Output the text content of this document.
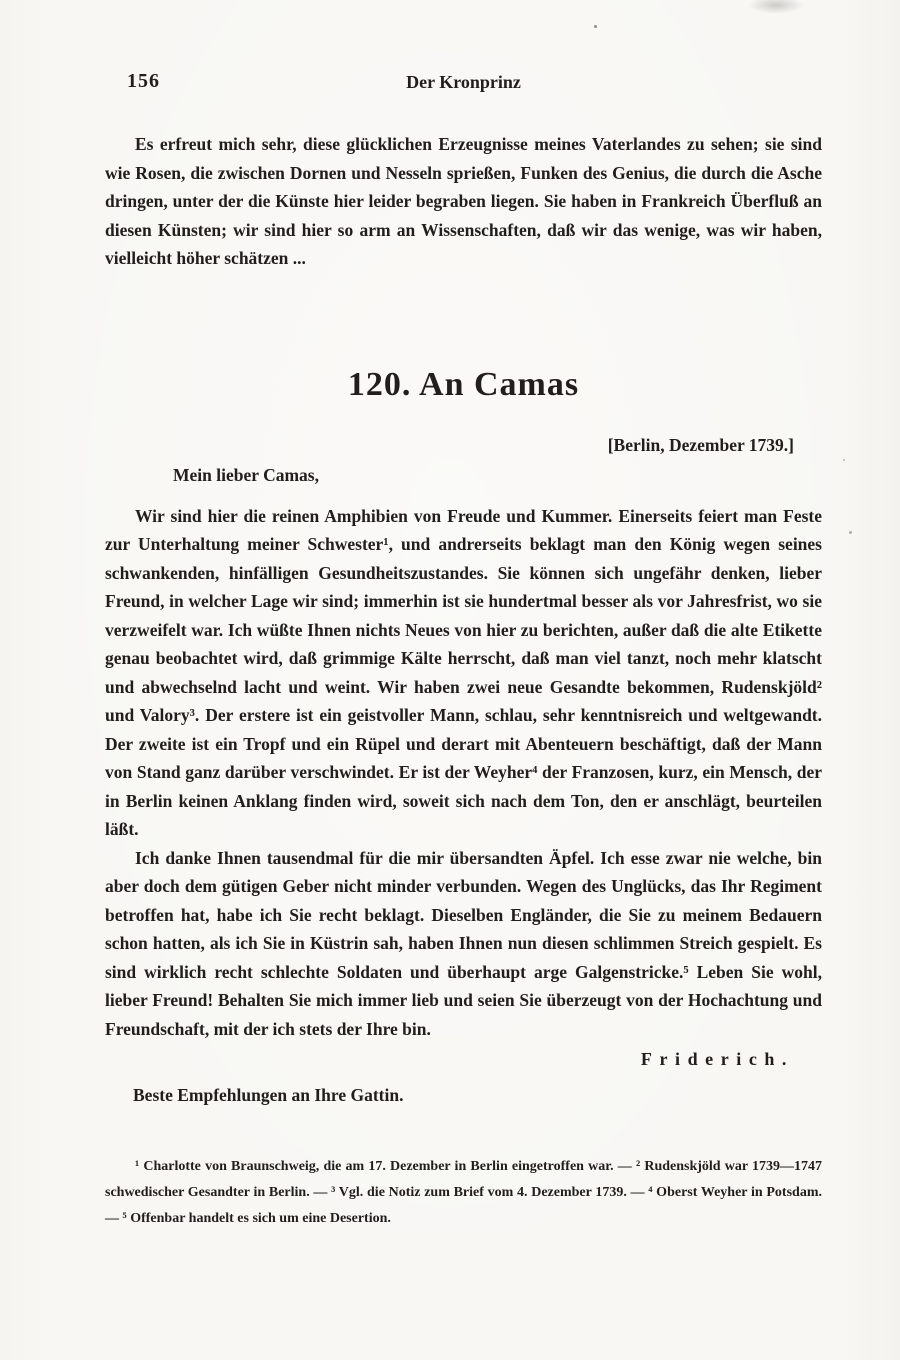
156	Der Kronprinz

Es erfreut mich sehr, diese glücklichen Erzeugnisse meines Vaterlandes zu sehen; sie sind wie Rosen, die zwischen Dornen und Nesseln sprießen, Funken des Genius, die durch die Asche dringen, unter der die Künste hier leider begraben liegen. Sie haben in Frankreich Überfluß an diesen Künsten; wir sind hier so arm an Wissenschaften, daß wir das wenige, was wir haben, vielleicht höher schätzen ...

120. An Camas
[Berlin, Dezember 1739.]
Mein lieber Camas,

Wir sind hier die reinen Amphibien von Freude und Kummer. Einerseits feiert man Feste zur Unterhaltung meiner Schwester¹, und andrerseits beklagt man den König wegen seines schwankenden, hinfälligen Gesundheitszustandes. Sie können sich ungefähr denken, lieber Freund, in welcher Lage wir sind; immerhin ist sie hundertmal besser als vor Jahresfrist, wo sie verzweifelt war. Ich wüßte Ihnen nichts Neues von hier zu berichten, außer daß die alte Etikette genau beobachtet wird, daß grimmige Kälte herrscht, daß man viel tanzt, noch mehr klatscht und abwechselnd lacht und weint. Wir haben zwei neue Gesandte bekommen, Rudenskjöld² und Valory³. Der erstere ist ein geistvoller Mann, schlau, sehr kenntnisreich und weltgewandt. Der zweite ist ein Tropf und ein Rüpel und derart mit Abenteuern beschäftigt, daß der Mann von Stand ganz darüber verschwindet. Er ist der Weyher⁴ der Franzosen, kurz, ein Mensch, der in Berlin keinen Anklang finden wird, soweit sich nach dem Ton, den er anschlägt, beurteilen läßt.

Ich danke Ihnen tausendmal für die mir übersandten Äpfel. Ich esse zwar nie welche, bin aber doch dem gütigen Geber nicht minder verbunden. Wegen des Unglücks, das Ihr Regiment betroffen hat, habe ich Sie recht beklagt. Dieselben Engländer, die Sie zu meinem Bedauern schon hatten, als ich Sie in Küstrin sah, haben Ihnen nun diesen schlimmen Streich gespielt. Es sind wirklich recht schlechte Soldaten und überhaupt arge Galgenstricke.⁵ Leben Sie wohl, lieber Freund! Behalten Sie mich immer lieb und seien Sie überzeugt von der Hochachtung und Freundschaft, mit der ich stets der Ihre bin.

Friderich.
Beste Empfehlungen an Ihre Gattin.

¹ Charlotte von Braunschweig, die am 17. Dezember in Berlin eingetroffen war. — ² Rudenskjöld war 1739—1747 schwedischer Gesandter in Berlin. — ³ Vgl. die Notiz zum Brief vom 4. Dezember 1739. — ⁴ Oberst Weyher in Potsdam. — ⁵ Offenbar handelt es sich um eine Desertion.
